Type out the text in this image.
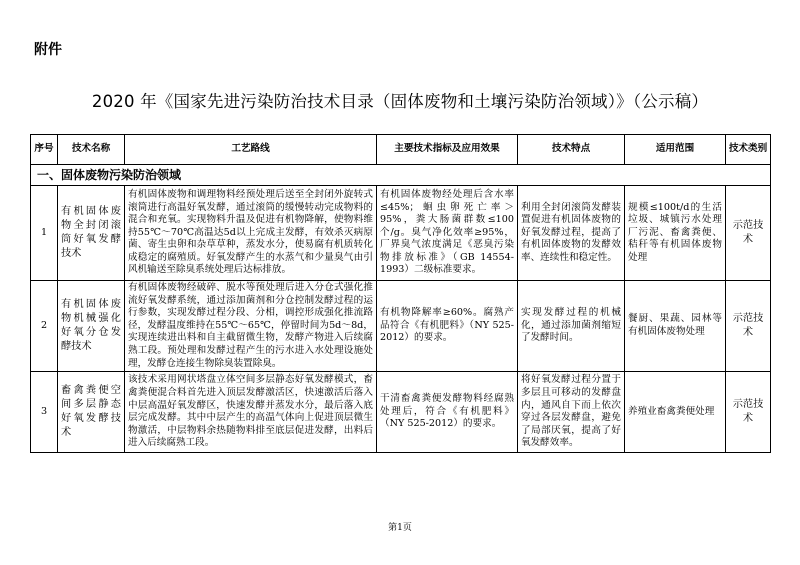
附件
2020 年《国家先进污染防治技术目录（固体废物和土壤污染防治领域）》（公示稿）
序号	技术名称	工艺路线	主要技术指标及应用效果	技术特点	适用范围	技术类别
一、固体废物污染防治领域						
1	有机固体废物全封闭滚筒好氧发酵技术	有机固体废物和调理物料经预处理后送至全封闭外旋转式滚筒进行高温好氧发酵，通过滚筒的缓慢转动完成物料的混合和充氧。实现物料升温及促进有机物降解，使物料维持55℃～70℃高温达5d以上完成主发酵，有效杀灭病原菌、寄生虫卵和杂草草种，蒸发水分，使易腐有机质转化成稳定的腐殖质。好氧发酵产生的水蒸气和少量臭气由引风机输送至除臭系统处理后达标排放。	有机固体废物经处理后含水率≤45%；蛔虫卵死亡率＞95%，粪大肠菌群数≤100 个/g。臭气净化效率≥95%，厂界臭气浓度满足《恶臭污染物排放标准》（GB 14554-1993）二级标准要求。	利用全封闭滚筒发酵装置促进有机固体废物的好氧发酵过程，提高了有机固体废物的发酵效率、连续性和稳定性。	规模≤100t/d的生活垃圾、城镇污水处理厂污泥、畜禽粪便、秸秆等有机固体废物处理	示范技术
2	有机固体废物机械强化好氧分仓发酵技术	有机固体废物经破碎、脱水等预处理后进入分仓式强化推流好氧发酵系统，通过添加菌剂和分仓控制发酵过程的运行参数，实现发酵过程分段、分相，调控形成强化推流路径，发酵温度维持在55℃～65℃，停留时间为5d～8d，实现连续进出料和自主截留微生物，发酵产物进入后续腐熟工段。预处理和发酵过程产生的污水进入水处理设施处理，发酵仓连接生物除臭装置除臭。	有机物降解率≥60%。腐熟产品符合《有机肥料》（NY 525-2012）的要求。	实现发酵过程的机械化，通过添加菌剂缩短了发酵时间。	餐厨、果蔬、园林等有机固体废物处理	示范技术
3	畜禽粪便空间多层静态好氧发酵技术	该技术采用网状塔盘立体空间多层静态好氧发酵模式，畜禽粪便混合料首先进入顶层发酵激活区，快速激活后落入中层高温好氧发酵区，快速发酵并蒸发水分，最后落入底层完成发酵。其中中层产生的高温气体向上促进顶层微生物激活，中层物料余热随物料排至底层促进发酵，出料后进入后续腐熟工段。	干清畜禽粪便发酵物料经腐熟处理后，符合《有机肥料》（NY 525-2012）的要求。	将好氧发酵过程分置于多层且可移动的发酵盘内，通风自下而上依次穿过各层发酵盘，避免了局部厌氧，提高了好氧发酵效率。	养殖业畜禽粪便处理	示范技术
第1页
